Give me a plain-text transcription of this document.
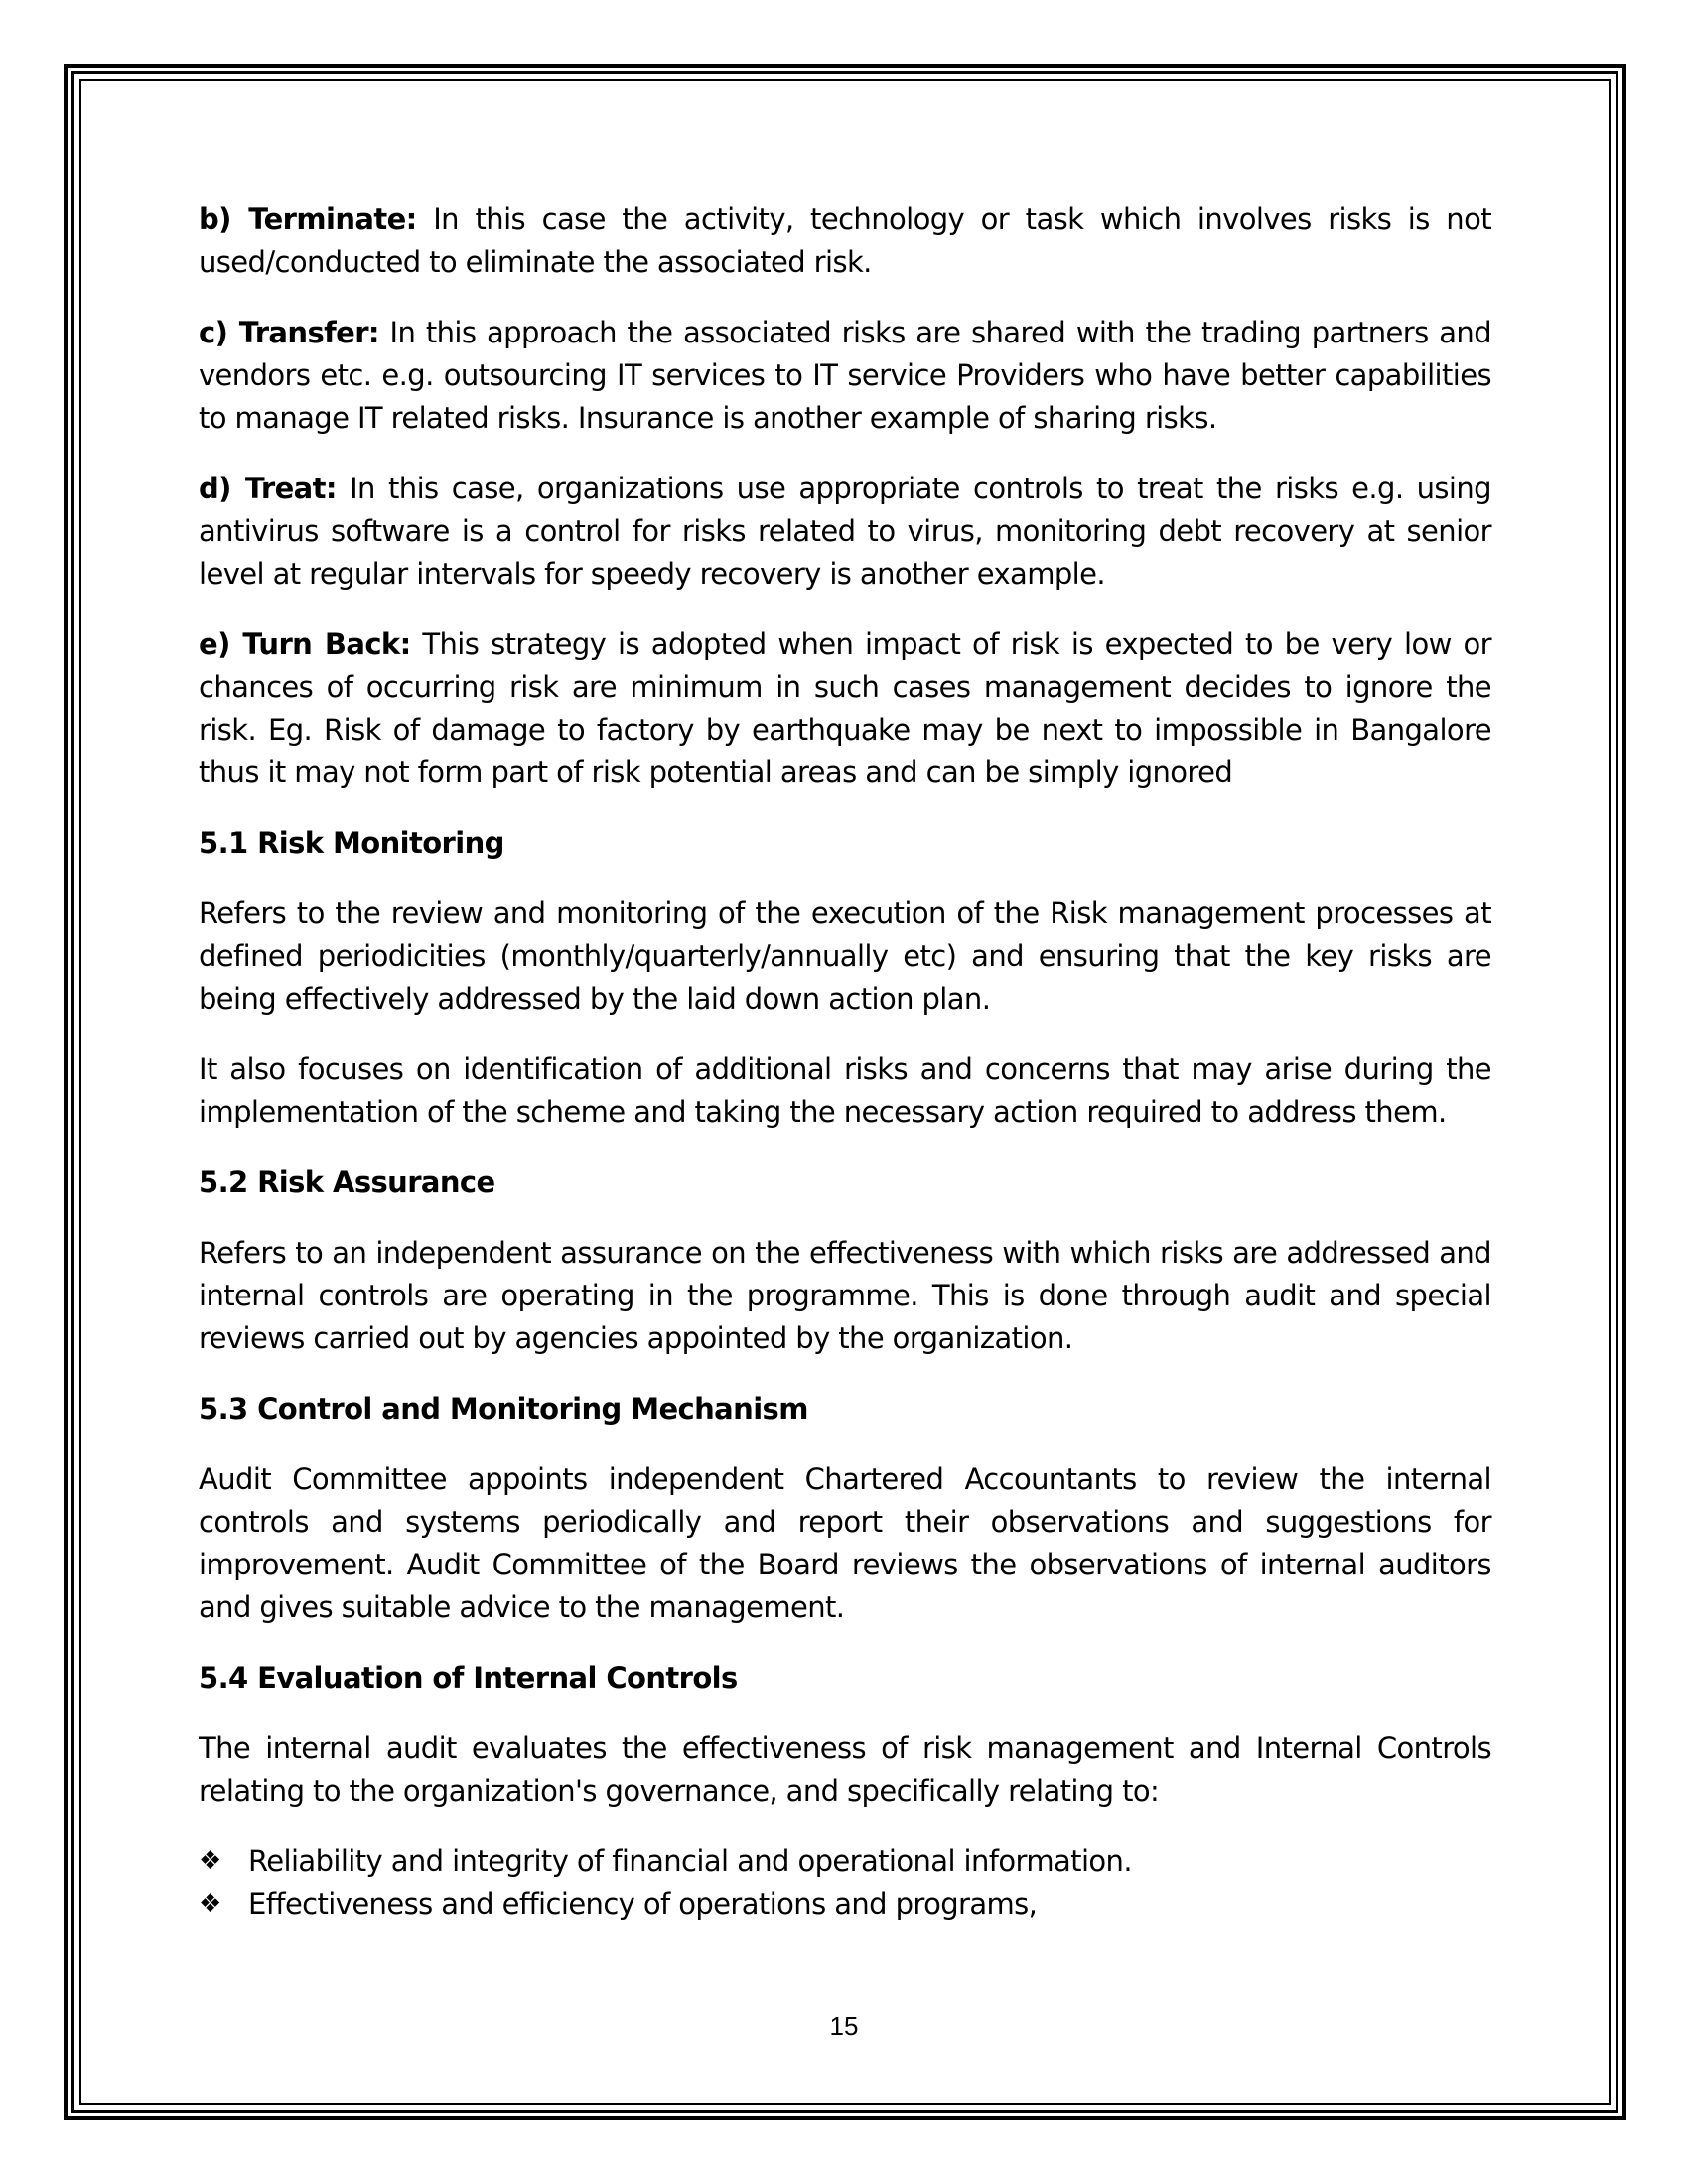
b) Terminate: In this case the activity, technology or task which involves risks is not used/conducted to eliminate the associated risk.

c) Transfer: In this approach the associated risks are shared with the trading partners and vendors etc. e.g. outsourcing IT services to IT service Providers who have better capabilities to manage IT related risks. Insurance is another example of sharing risks.

d) Treat: In this case, organizations use appropriate controls to treat the risks e.g. using antivirus software is a control for risks related to virus, monitoring debt recovery at senior level at regular intervals for speedy recovery is another example.

e) Turn Back: This strategy is adopted when impact of risk is expected to be very low or chances of occurring risk are minimum in such cases management decides to ignore the risk. Eg. Risk of damage to factory by earthquake may be next to impossible in Bangalore thus it may not form part of risk potential areas and can be simply ignored

5.1 Risk Monitoring

Refers to the review and monitoring of the execution of the Risk management processes at defined periodicities (monthly/quarterly/annually etc) and ensuring that the key risks are being effectively addressed by the laid down action plan.

It also focuses on identification of additional risks and concerns that may arise during the implementation of the scheme and taking the necessary action required to address them.

5.2 Risk Assurance

Refers to an independent assurance on the effectiveness with which risks are addressed and internal controls are operating in the programme. This is done through audit and special reviews carried out by agencies appointed by the organization.

5.3 Control and Monitoring Mechanism

Audit Committee appoints independent Chartered Accountants to review the internal controls and systems periodically and report their observations and suggestions for improvement. Audit Committee of the Board reviews the observations of internal auditors and gives suitable advice to the management.

5.4 Evaluation of Internal Controls

The internal audit evaluates the effectiveness of risk management and Internal Controls relating to the organization's governance, and specifically relating to:

❖ Reliability and integrity of financial and operational information.
❖ Effectiveness and efficiency of operations and programs,
15
